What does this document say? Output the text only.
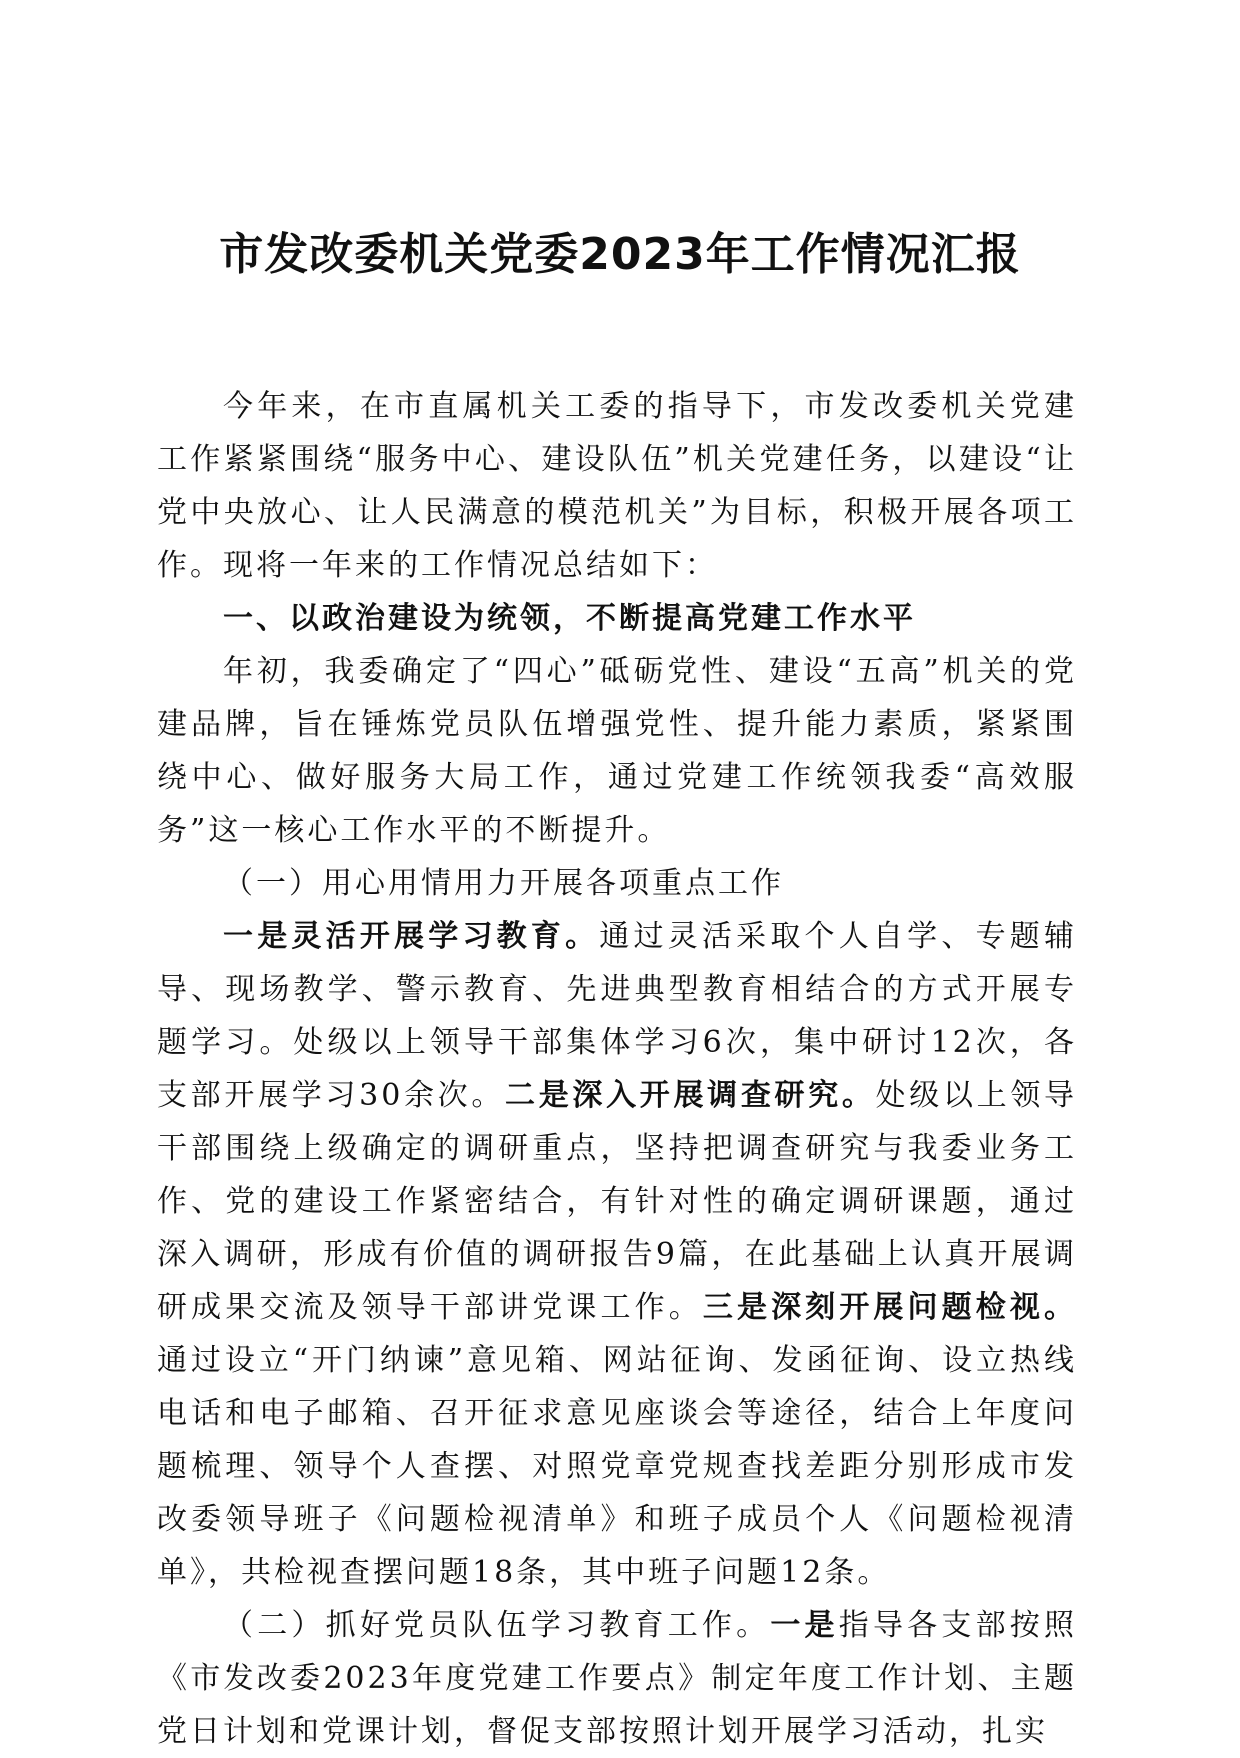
市发改委机关党委2023年工作情况汇报

今年来，在市直属机关工委的指导下，市发改委机关党建工作紧紧围绕“服务中心、建设队伍”机关党建任务，以建设“让党中央放心、让人民满意的模范机关”为目标，积极开展各项工作。现将一年来的工作情况总结如下：

一、以政治建设为统领，不断提高党建工作水平

年初，我委确定了“四心”砥砺党性、建设“五高”机关的党建品牌，旨在锤炼党员队伍增强党性、提升能力素质，紧紧围绕中心、做好服务大局工作，通过党建工作统领我委“高效服务”这一核心工作水平的不断提升。

（一）用心用情用力开展各项重点工作

一是灵活开展学习教育。通过灵活采取个人自学、专题辅导、现场教学、警示教育、先进典型教育相结合的方式开展专题学习。处级以上领导干部集体学习6次，集中研讨12次，各支部开展学习30余次。二是深入开展调查研究。处级以上领导干部围绕上级确定的调研重点，坚持把调查研究与我委业务工作、党的建设工作紧密结合，有针对性的确定调研课题，通过深入调研，形成有价值的调研报告9篇，在此基础上认真开展调研成果交流及领导干部讲党课工作。三是深刻开展问题检视。通过设立“开门纳谏”意见箱、网站征询、发函征询、设立热线电话和电子邮箱、召开征求意见座谈会等途径，结合上年度问题梳理、领导个人查摆、对照党章党规查找差距分别形成市发改委领导班子《问题检视清单》和班子成员个人《问题检视清单》，共检视查摆问题18条，其中班子问题12条。

（二）抓好党员队伍学习教育工作。一是指导各支部按照《市发改委2023年度党建工作要点》制定年度工作计划、主题党日计划和党课计划，督促支部按照计划开展学习活动，扎实
